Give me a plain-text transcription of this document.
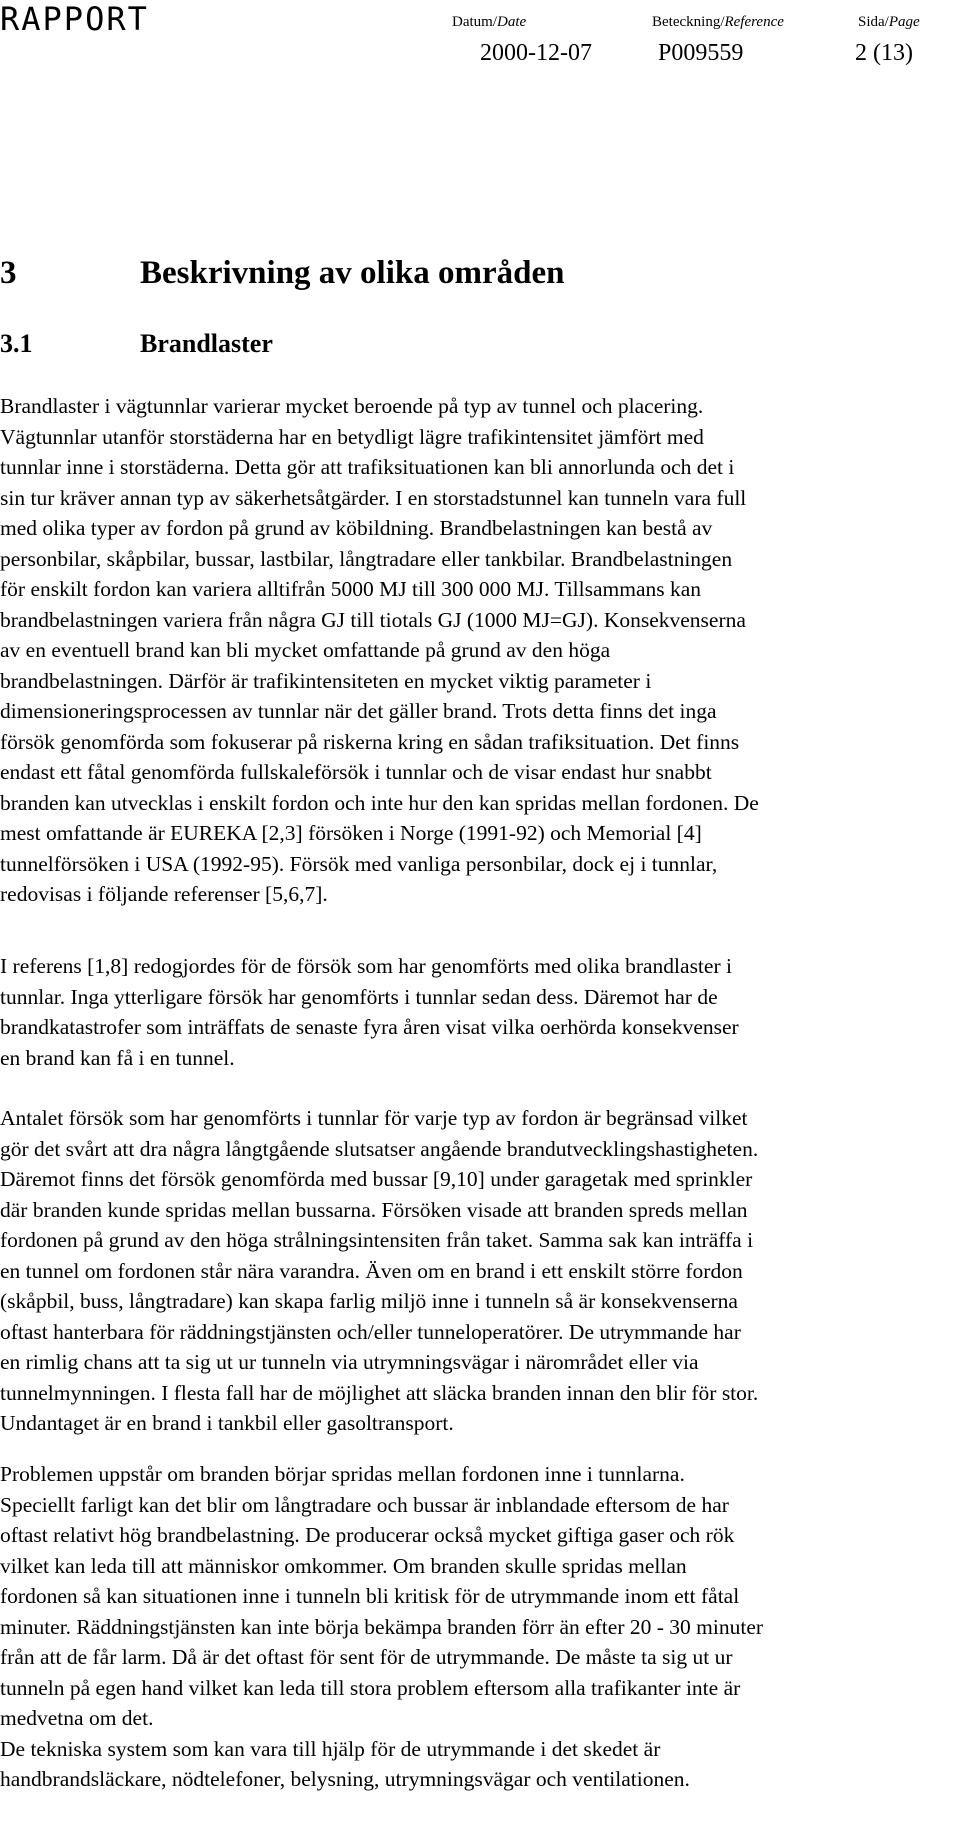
RAPPORT	Datum/Date	Beteckning/Reference	Sida/Page
2000-12-07	P009559	2 (13)
3	Beskrivning av olika områden
3.1	Brandlaster
Brandlaster i vägtunnlar varierar mycket beroende på typ av tunnel och placering.
Vägtunnlar utanför storstäderna har en betydligt lägre trafikintensitet jämfört med
tunnlar inne i storstäderna. Detta gör att trafiksituationen kan bli annorlunda och det i
sin tur kräver annan typ av säkerhetsåtgärder. I en storstadstunnel kan tunneln vara full
med olika typer av fordon på grund av köbildning. Brandbelastningen kan bestå av
personbilar, skåpbilar, bussar, lastbilar, långtradare eller tankbilar. Brandbelastningen
för enskilt fordon kan variera alltifrån 5000 MJ till 300 000 MJ. Tillsammans kan
brandbelastningen variera från några GJ till tiotals GJ (1000 MJ=GJ). Konsekvenserna
av en eventuell brand kan bli mycket omfattande på grund av den höga
brandbelastningen. Därför är trafikintensiteten en mycket viktig parameter i
dimensioneringsprocessen av tunnlar när det gäller brand. Trots detta finns det inga
försök genomförda som fokuserar på riskerna kring en sådan trafiksituation. Det finns
endast ett fåtal genomförda fullskaleförsök i tunnlar och de visar endast hur snabbt
branden kan utvecklas i enskilt fordon och inte hur den kan spridas mellan fordonen. De
mest omfattande är EUREKA [2,3] försöken i Norge (1991-92) och Memorial [4]
tunnelförsöken i USA (1992-95). Försök med vanliga personbilar, dock ej i tunnlar,
redovisas i följande referenser [5,6,7].
I referens [1,8] redogjordes för de försök som har genomförts med olika brandlaster i
tunnlar. Inga ytterligare försök har genomförts i tunnlar sedan dess. Däremot har de
brandkatastrofer som inträffats de senaste fyra åren visat vilka oerhörda konsekvenser
en brand kan få i en tunnel.
Antalet försök som har genomförts i tunnlar för varje typ av fordon är begränsad vilket
gör det svårt att dra några långtgående slutsatser angående brandutvecklingshastigheten.
Däremot finns det försök genomförda med bussar [9,10] under garagetak med sprinkler
där branden kunde spridas mellan bussarna. Försöken visade att branden spreds mellan
fordonen på grund av den höga strålningsintensiten från taket. Samma sak kan inträffa i
en tunnel om fordonen står nära varandra. Även om en brand i ett enskilt större fordon
(skåpbil, buss, långtradare) kan skapa farlig miljö inne i tunneln så är konsekvenserna
oftast hanterbara för räddningstjänsten och/eller tunneloperatörer. De utrymmande har
en rimlig chans att ta sig ut ur tunneln via utrymningsvägar i närområdet eller via
tunnelmynningen. I flesta fall har de möjlighet att släcka branden innan den blir för stor.
Undantaget är en brand i tankbil eller gasoltransport.
Problemen uppstår om branden börjar spridas mellan fordonen inne i tunnlarna.
Speciellt farligt kan det blir om långtradare och bussar är inblandade eftersom de har
oftast relativt hög brandbelastning. De producerar också mycket giftiga gaser och rök
vilket kan leda till att människor omkommer. Om branden skulle spridas mellan
fordonen så kan situationen inne i tunneln bli kritisk för de utrymmande inom ett fåtal
minuter. Räddningstjänsten kan inte börja bekämpa branden förr än efter 20 - 30 minuter
från att de får larm. Då är det oftast för sent för de utrymmande. De måste ta sig ut ur
tunneln på egen hand vilket kan leda till stora problem eftersom alla trafikanter inte är
medvetna om det.
De tekniska system som kan vara till hjälp för de utrymmande i det skedet är
handbrandsläckare, nödtelefoner, belysning, utrymningsvägar och ventilationen.
